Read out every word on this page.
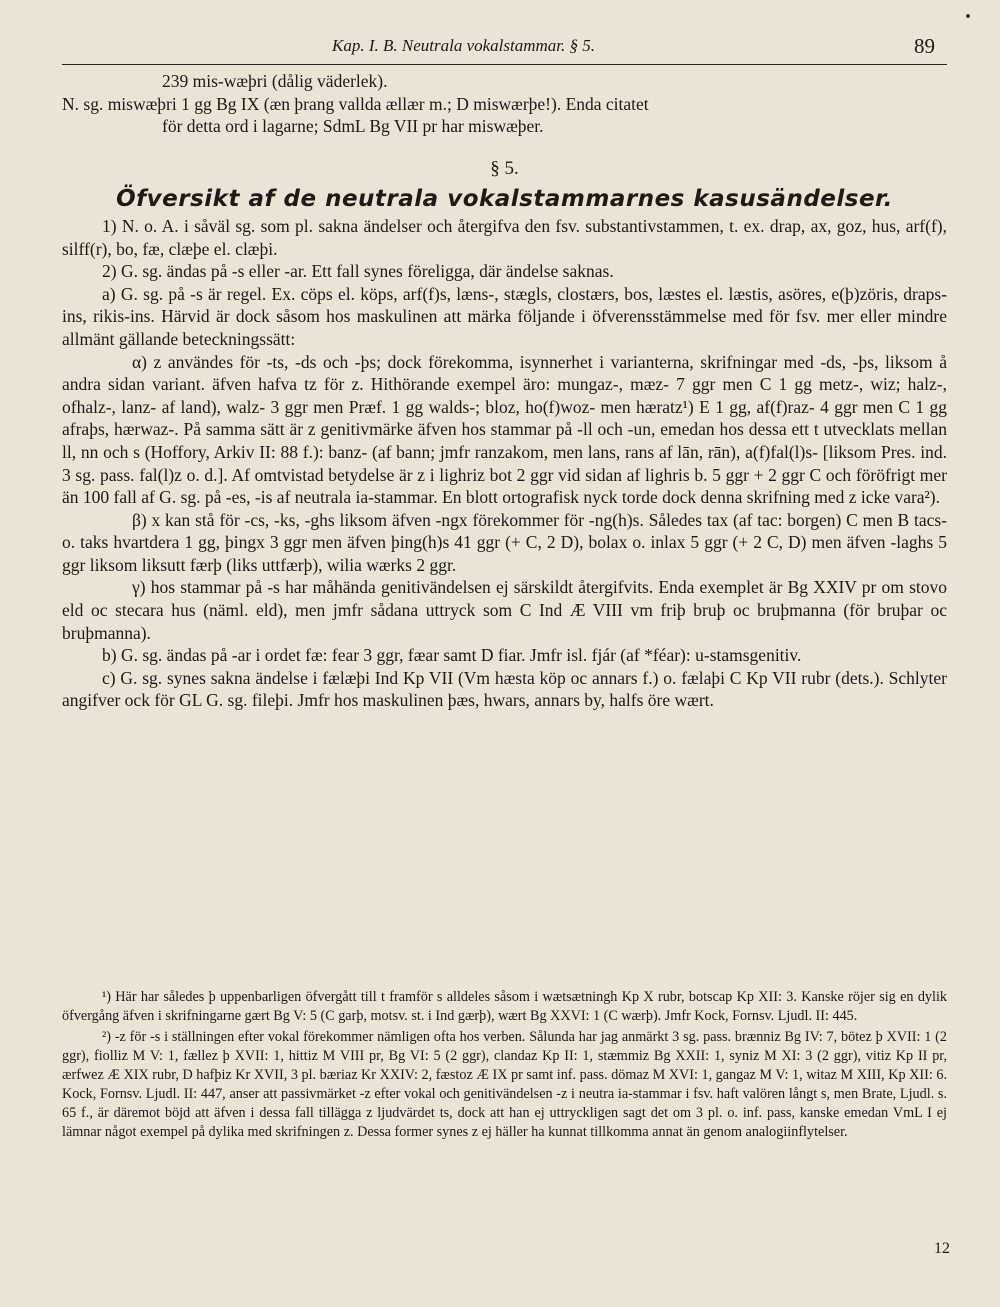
Kap. I. B. Neutrala vokalstammar. § 5.	89

239 mis-wæþri (dålig väderlek).

N. sg. miswæþri 1 gg Bg IX (æn þrang vallda ællær m.; D miswærþe!). Enda citatet

för detta ord i lagarne; SdmL Bg VII pr har miswæþer.

§ 5.

Öfversikt af de neutrala vokalstammarnes kasusändelser.

1) N. o. A. i såväl sg. som pl. sakna ändelser och återgifva den fsv. substantivstammen, t. ex. drap, ax, goz, hus, arf(f), silff(r), bo, fæ, clæþe el. clæþi.

2) G. sg. ändas på -s eller -ar. Ett fall synes föreligga, där ändelse saknas.

a) G. sg. på -s är regel. Ex. cöps el. köps, arf(f)s, læns-, stægls, clostærs, bos, læstes el. læstis, asöres, e(þ)zöris, draps-ins, rikis-ins. Härvid är dock såsom hos maskulinen att märka följande i öfverensstämmelse med för fsv. mer eller mindre allmänt gällande beteckningssätt:

α) z användes för -ts, -ds och -þs; dock förekomma, isynnerhet i varianterna, skrifningar med -ds, -þs, liksom å andra sidan variant. äfven hafva tz för z. Hithörande exempel äro: mungaz-, mæz- 7 ggr men C 1 gg metz-, wiz; halz-, ofhalz-, lanz- af land), walz- 3 ggr men Præf. 1 gg walds-; bloz, ho(f)woz- men hæratz¹) E 1 gg, af(f)raz- 4 ggr men C 1 gg afraþs, hærwaz-. På samma sätt är z genitivmärke äfven hos stammar på -ll och -un, emedan hos dessa ett t utvecklats mellan ll, nn och s (Hoffory, Arkiv II: 88 f.): banz- (af bann; jmfr ranzakom, men lans, rans af lān, rān), a(f)fal(l)s- [liksom Pres. ind. 3 sg. pass. fal(l)z o. d.]. Af omtvistad betydelse är z i lighriz bot 2 ggr vid sidan af lighris b. 5 ggr + 2 ggr C och föröfrigt mer än 100 fall af G. sg. på -es, -is af neutrala ia-stammar. En blott ortografisk nyck torde dock denna skrifning med z icke vara²).

β) x kan stå för -cs, -ks, -ghs liksom äfven -ngx förekommer för -ng(h)s. Således tax (af tac: borgen) C men B tacs- o. taks hvartdera 1 gg, þingx 3 ggr men äfven þing(h)s 41 ggr (+ C, 2 D), bolax o. inlax 5 ggr (+ 2 C, D) men äfven -laghs 5 ggr liksom liksutt færþ (liks uttfærþ), wilia wærks 2 ggr.

γ) hos stammar på -s har måhända genitivändelsen ej särskildt återgifvits. Enda exemplet är Bg XXIV pr om stovo eld oc stecara hus (näml. eld), men jmfr sådana uttryck som C Ind Æ VIII vm friþ bruþ oc bruþmanna (för bruþar oc bruþmanna).

b) G. sg. ändas på -ar i ordet fæ: fear 3 ggr, fæar samt D fiar. Jmfr isl. fjár (af *féar): u-stamsgenitiv.

c) G. sg. synes sakna ändelse i fælæþi Ind Kp VII (Vm hæsta köp oc annars f.) o. fælaþi C Kp VII rubr (dets.). Schlyter angifver ock för GL G. sg. fileþi. Jmfr hos maskulinen þæs, hwars, annars by, halfs öre wært.

¹) Här har således þ uppenbarligen öfvergått till t framför s alldeles såsom i wætsætningh Kp X rubr, botscap Kp XII: 3. Kanske röjer sig en dylik öfvergång äfven i skrifningarne gært Bg V: 5 (C garþ, motsv. st. i Ind gærþ), wært Bg XXVI: 1 (C wærþ). Jmfr Kock, Fornsv. Ljudl. II: 445.

²) -z för -s i ställningen efter vokal förekommer nämligen ofta hos verben. Sålunda har jag anmärkt 3 sg. pass. brænniz Bg IV: 7, bötez þ XVII: 1 (2 ggr), fiolliz M V: 1, fællez þ XVII: 1, hittiz M VIII pr, Bg VI: 5 (2 ggr), clandaz Kp II: 1, stæmmiz Bg XXII: 1, syniz M XI: 3 (2 ggr), vitiz Kp II pr, ærfwez Æ XIX rubr, D hafþiz Kr XVII, 3 pl. bæriaz Kr XXIV: 2, fæstoz Æ IX pr samt inf. pass. dömaz M XVI: 1, gangaz M V: 1, witaz M XIII, Kp XII: 6. Kock, Fornsv. Ljudl. II: 447, anser att passivmärket -z efter vokal och genitivändelsen -z i neutra ia-stammar i fsv. haft valören långt s, men Brate, Ljudl. s. 65 f., är däremot böjd att äfven i dessa fall tillägga z ljudvärdet ts, dock att han ej uttryckligen sagt det om 3 pl. o. inf. pass, kanske emedan VmL I ej lämnar något exempel på dylika med skrifningen z. Dessa former synes z ej häller ha kunnat tillkomma annat än genom analogiinflytelser.

12
